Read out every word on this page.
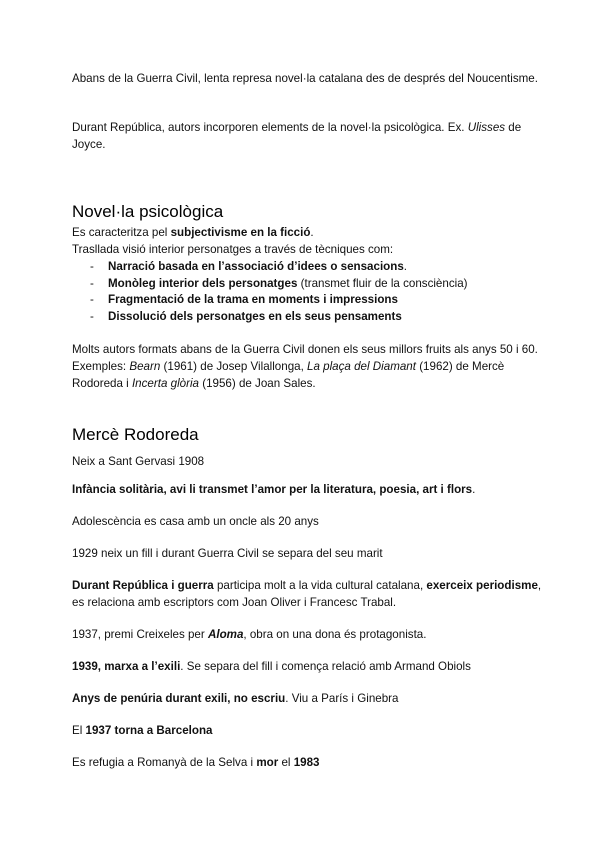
Abans de la Guerra Civil, lenta represa novel·la catalana des de després del Noucentisme.

Durant República, autors incorporen elements de la novel·la psicològica. Ex. Ulisses de Joyce.

Novel·la psicològica

Es caracteritza pel subjectivisme en la ficció.

Traslladа visió interior personatges a través de tècniques com:

- Narració basada en l’associació d’idees o sensacions.
- Monòleg interior dels personatges (transmet fluir de la consciència)
- Fragmentació de la trama en moments i impressions
- Dissolució dels personatges en els seus pensaments

Molts autors formats abans de la Guerra Civil donen els seus millors fruits als anys 50 i 60. Exemples: Bearn (1961) de Josep Vilallonga, La plaça del Diamant (1962) de Mercè Rodoreda i Incerta glòria (1956) de Joan Sales.

Mercè Rodoreda

Neix a Sant Gervasi 1908

Infància solitària, avi li transmet l’amor per la literatura, poesia, art i flors.

Adolescència es casa amb un oncle als 20 anys

1929 neix un fill i durant Guerra Civil se separa del seu marit

Durant República i guerra participa molt a la vida cultural catalana, exerceix periodisme, es relaciona amb escriptors com Joan Oliver i Francesc Trabal.

1937, premi Creixeles per Aloma, obra on una dona és protagonista.

1939, marxa a l’exili. Se separa del fill i comença relació amb Armand Obiols

Anys de penúria durant exili, no escriu. Viu a París i Ginebra

El 1937 torna a Barcelona

Es refugia a Romanyà de la Selva i mor el 1983
